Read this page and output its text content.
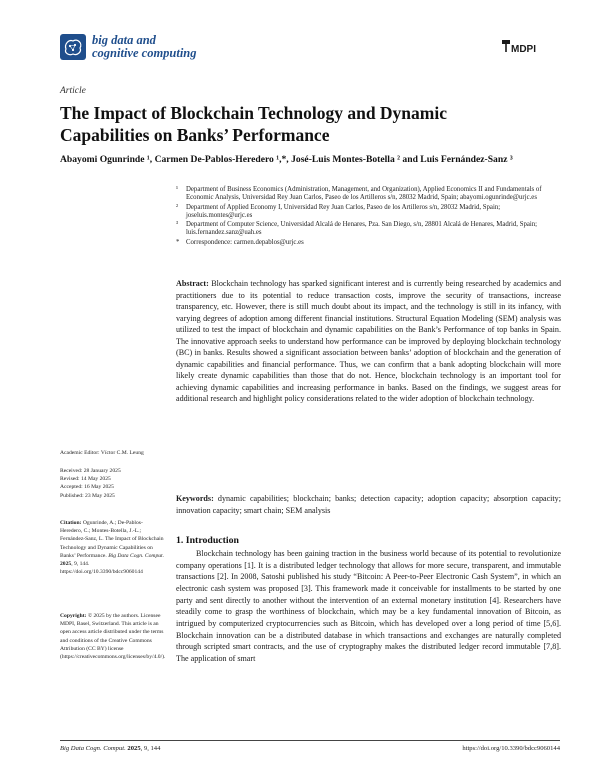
big data and
cognitive computing	MDPI
Article
The Impact of Blockchain Technology and Dynamic Capabilities on Banks’ Performance
Abayomi Ogunrinde ¹, Carmen De-Pablos-Heredero ¹,*, José-Luis Montes-Botella ² and Luis Fernández-Sanz ³
¹	Department of Business Economics (Administration, Management, and Organization), Applied Economics II and Fundamentals of Economic Analysis, Universidad Rey Juan Carlos, Paseo de los Artilleros s/n, 28032 Madrid, Spain; abayomi.ogunrinde@urjc.es
²	Department of Applied Economy I, Universidad Rey Juan Carlos, Paseo de los Artilleros s/n, 28032 Madrid, Spain; joseluis.montes@urjc.es
³	Department of Computer Science, Universidad Alcalá de Henares, Pza. San Diego, s/n, 28801 Alcalá de Henares, Madrid, Spain; luis.fernandez.sanz@uah.es
* Correspondence: carmen.depablos@urjc.es
Abstract: Blockchain technology has sparked significant interest and is currently being researched by academics and practitioners due to its potential to reduce transaction costs, improve the security of transactions, increase transparency, etc. However, there is still much doubt about its impact, and the technology is still in its infancy, with varying degrees of adoption among different financial institutions. Structural Equation Modeling (SEM) analysis was utilized to test the impact of blockchain and dynamic capabilities on the Bank’s Performance of top banks in Spain. The innovative approach seeks to understand how performance can be improved by deploying blockchain technology (BC) in banks. Results showed a significant association between banks’ adoption of blockchain and the generation of dynamic capabilities and financial performance. Thus, we can confirm that a bank adopting blockchain will more likely create dynamic capabilities than those that do not. Hence, blockchain technology is an important tool for achieving dynamic capabilities and increasing performance in banks. Based on the findings, we suggest areas for additional research and highlight policy considerations related to the wider adoption of blockchain technology.
Keywords: dynamic capabilities; blockchain; banks; detection capacity; adoption capacity; absorption capacity; innovation capacity; smart chain; SEM analysis
Academic Editor: Víctor C.M. Leung
Received: 28 January 2025
Revised: 14 May 2025
Accepted: 16 May 2025
Published: 23 May 2025
Citation: Ogunrinde, A.; De-Pablos-Heredero, C.; Montes-Botella, J.-L.; Fernández-Sanz, L. The Impact of Blockchain Technology and Dynamic Capabilities on Banks’ Performance. Big Data Cogn. Comput. 2025, 9, 144. https://doi.org/10.3390/bdcc9060144
Copyright: © 2025 by the authors. Licensee MDPI, Basel, Switzerland. This article is an open access article distributed under the terms and conditions of the Creative Commons Attribution (CC BY) license (https://creativecommons.org/licenses/by/4.0/).
1. Introduction

Blockchain technology has been gaining traction in the business world because of its potential to revolutionize company operations [1]. It is a distributed ledger technology that allows for more secure, transparent, and immutable transactions [2]. In 2008, Satoshi published his study “Bitcoin: A Peer-to-Peer Electronic Cash System”, in which an electronic cash system was proposed [3]. This framework made it conceivable for installments to be started by one party and sent directly to another without the intervention of an external monetary institution [4]. Researchers have steadily come to grasp the worthiness of blockchain, which may be a key fundamental innovation of Bitcoin, as intrigued by computerized cryptocurrencies such as Bitcoin, which has developed over a long period of time [5,6]. Blockchain innovation can be a distributed database in which transactions and exchanges are naturally completed through scripted smart contracts, and the use of cryptography makes the distributed ledger record immutable [7,8]. The application of smart

Big Data Cogn. Comput. 2025, 9, 144	https://doi.org/10.3390/bdcc9060144
